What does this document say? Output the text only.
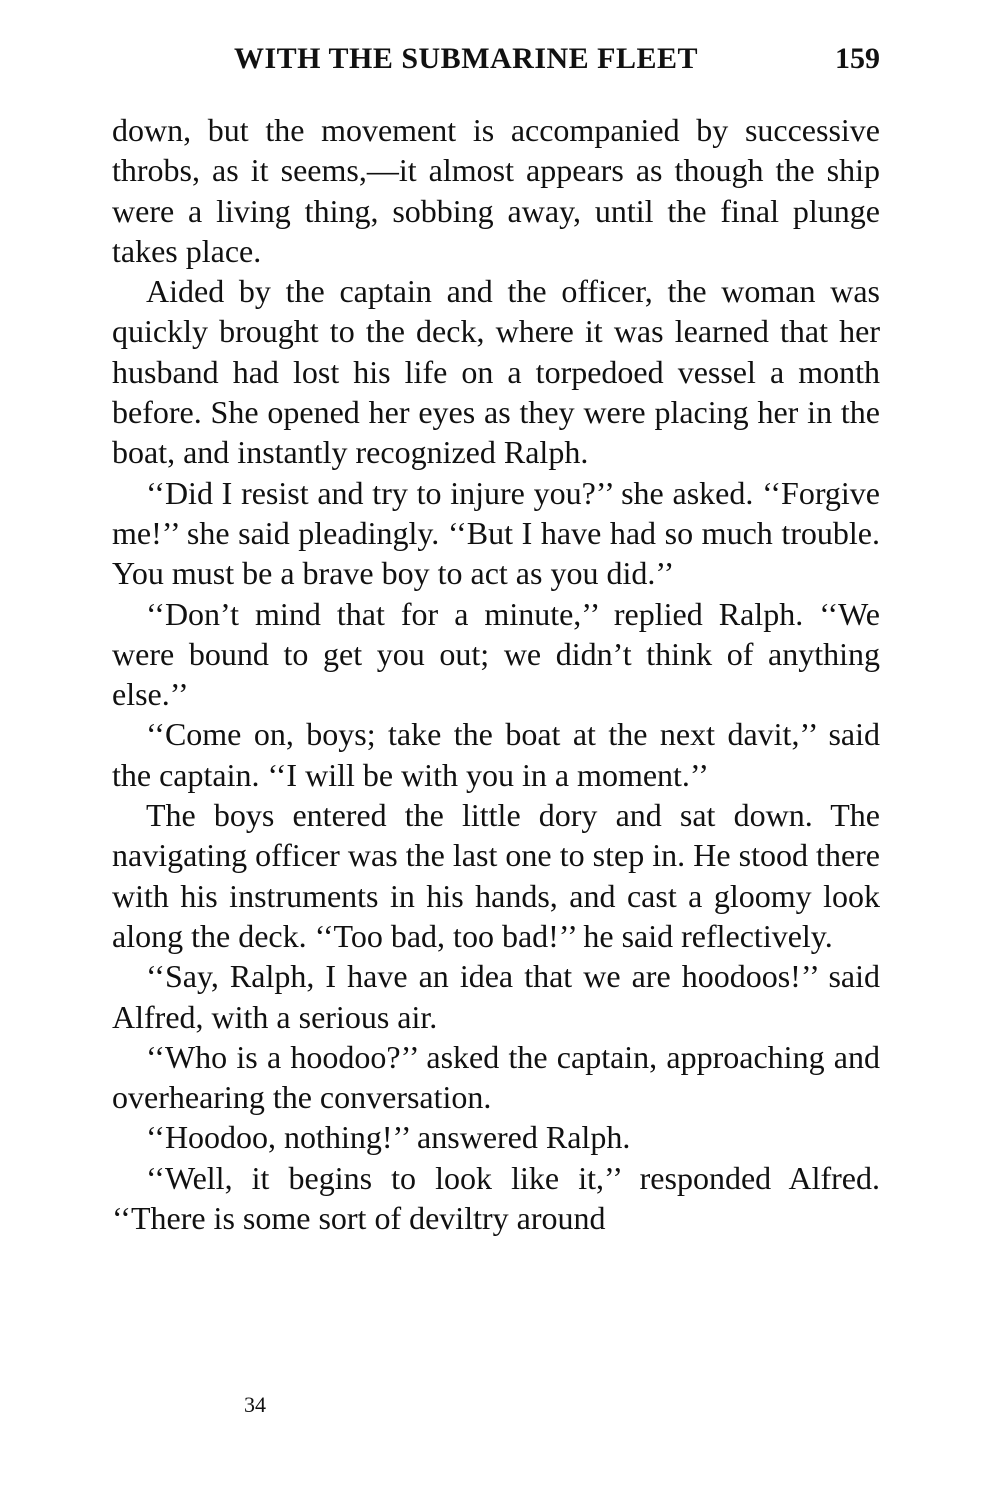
WITH THE SUBMARINE FLEET	159

down, but the movement is accompanied by successive throbs, as it seems,—it almost appears as though the ship were a living thing, sobbing away, until the final plunge takes place.

Aided by the captain and the officer, the woman was quickly brought to the deck, where it was learned that her husband had lost his life on a torpedoed vessel a month before. She opened her eyes as they were placing her in the boat, and instantly recognized Ralph.

‘‘Did I resist and try to injure you?’’ she asked. ‘‘Forgive me!’’ she said pleadingly. ‘‘But I have had so much trouble. You must be a brave boy to act as you did.’’

‘‘Don’t mind that for a minute,’’ replied Ralph. ‘‘We were bound to get you out; we didn’t think of anything else.’’

‘‘Come on, boys; take the boat at the next davit,’’ said the captain. ‘‘I will be with you in a moment.’’

The boys entered the little dory and sat down. The navigating officer was the last one to step in. He stood there with his instruments in his hands, and cast a gloomy look along the deck. ‘‘Too bad, too bad!’’ he said reflectively.

‘‘Say, Ralph, I have an idea that we are hoodoos!’’ said Alfred, with a serious air.

‘‘Who is a hoodoo?’’ asked the captain, approaching and overhearing the conversation.

‘‘Hoodoo, nothing!’’ answered Ralph.

‘‘Well, it begins to look like it,’’ responded Alfred. ‘‘There is some sort of deviltry around

34
